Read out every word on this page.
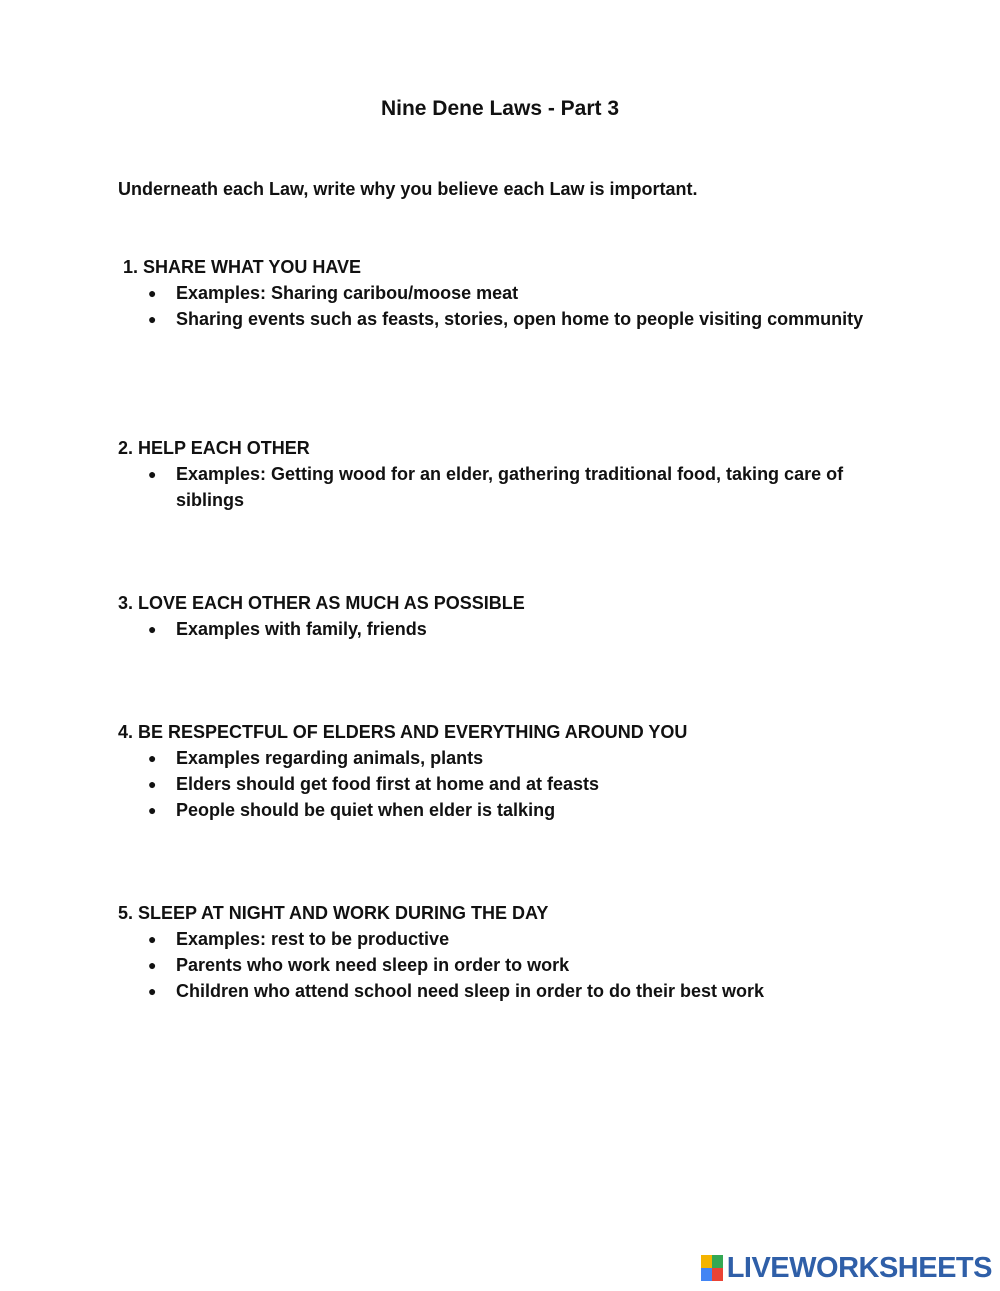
Nine Dene Laws - Part 3
Underneath each Law, write why you believe each Law is important.

1. SHARE WHAT YOU HAVE

● Examples: Sharing caribou/moose meat
● Sharing events such as feasts, stories, open home to people visiting community

2. HELP EACH OTHER

● Examples: Getting wood for an elder, gathering traditional food, taking care of siblings

3. LOVE EACH OTHER AS MUCH AS POSSIBLE

● Examples with family, friends

4. BE RESPECTFUL OF ELDERS AND EVERYTHING AROUND YOU

● Examples regarding animals, plants
● Elders should get food first at home and at feasts
● People should be quiet when elder is talking

5. SLEEP AT NIGHT AND WORK DURING THE DAY

● Examples: rest to be productive
● Parents who work need sleep in order to work
● Children who attend school need sleep in order to do their best work
LIVEWORKSHEETS
